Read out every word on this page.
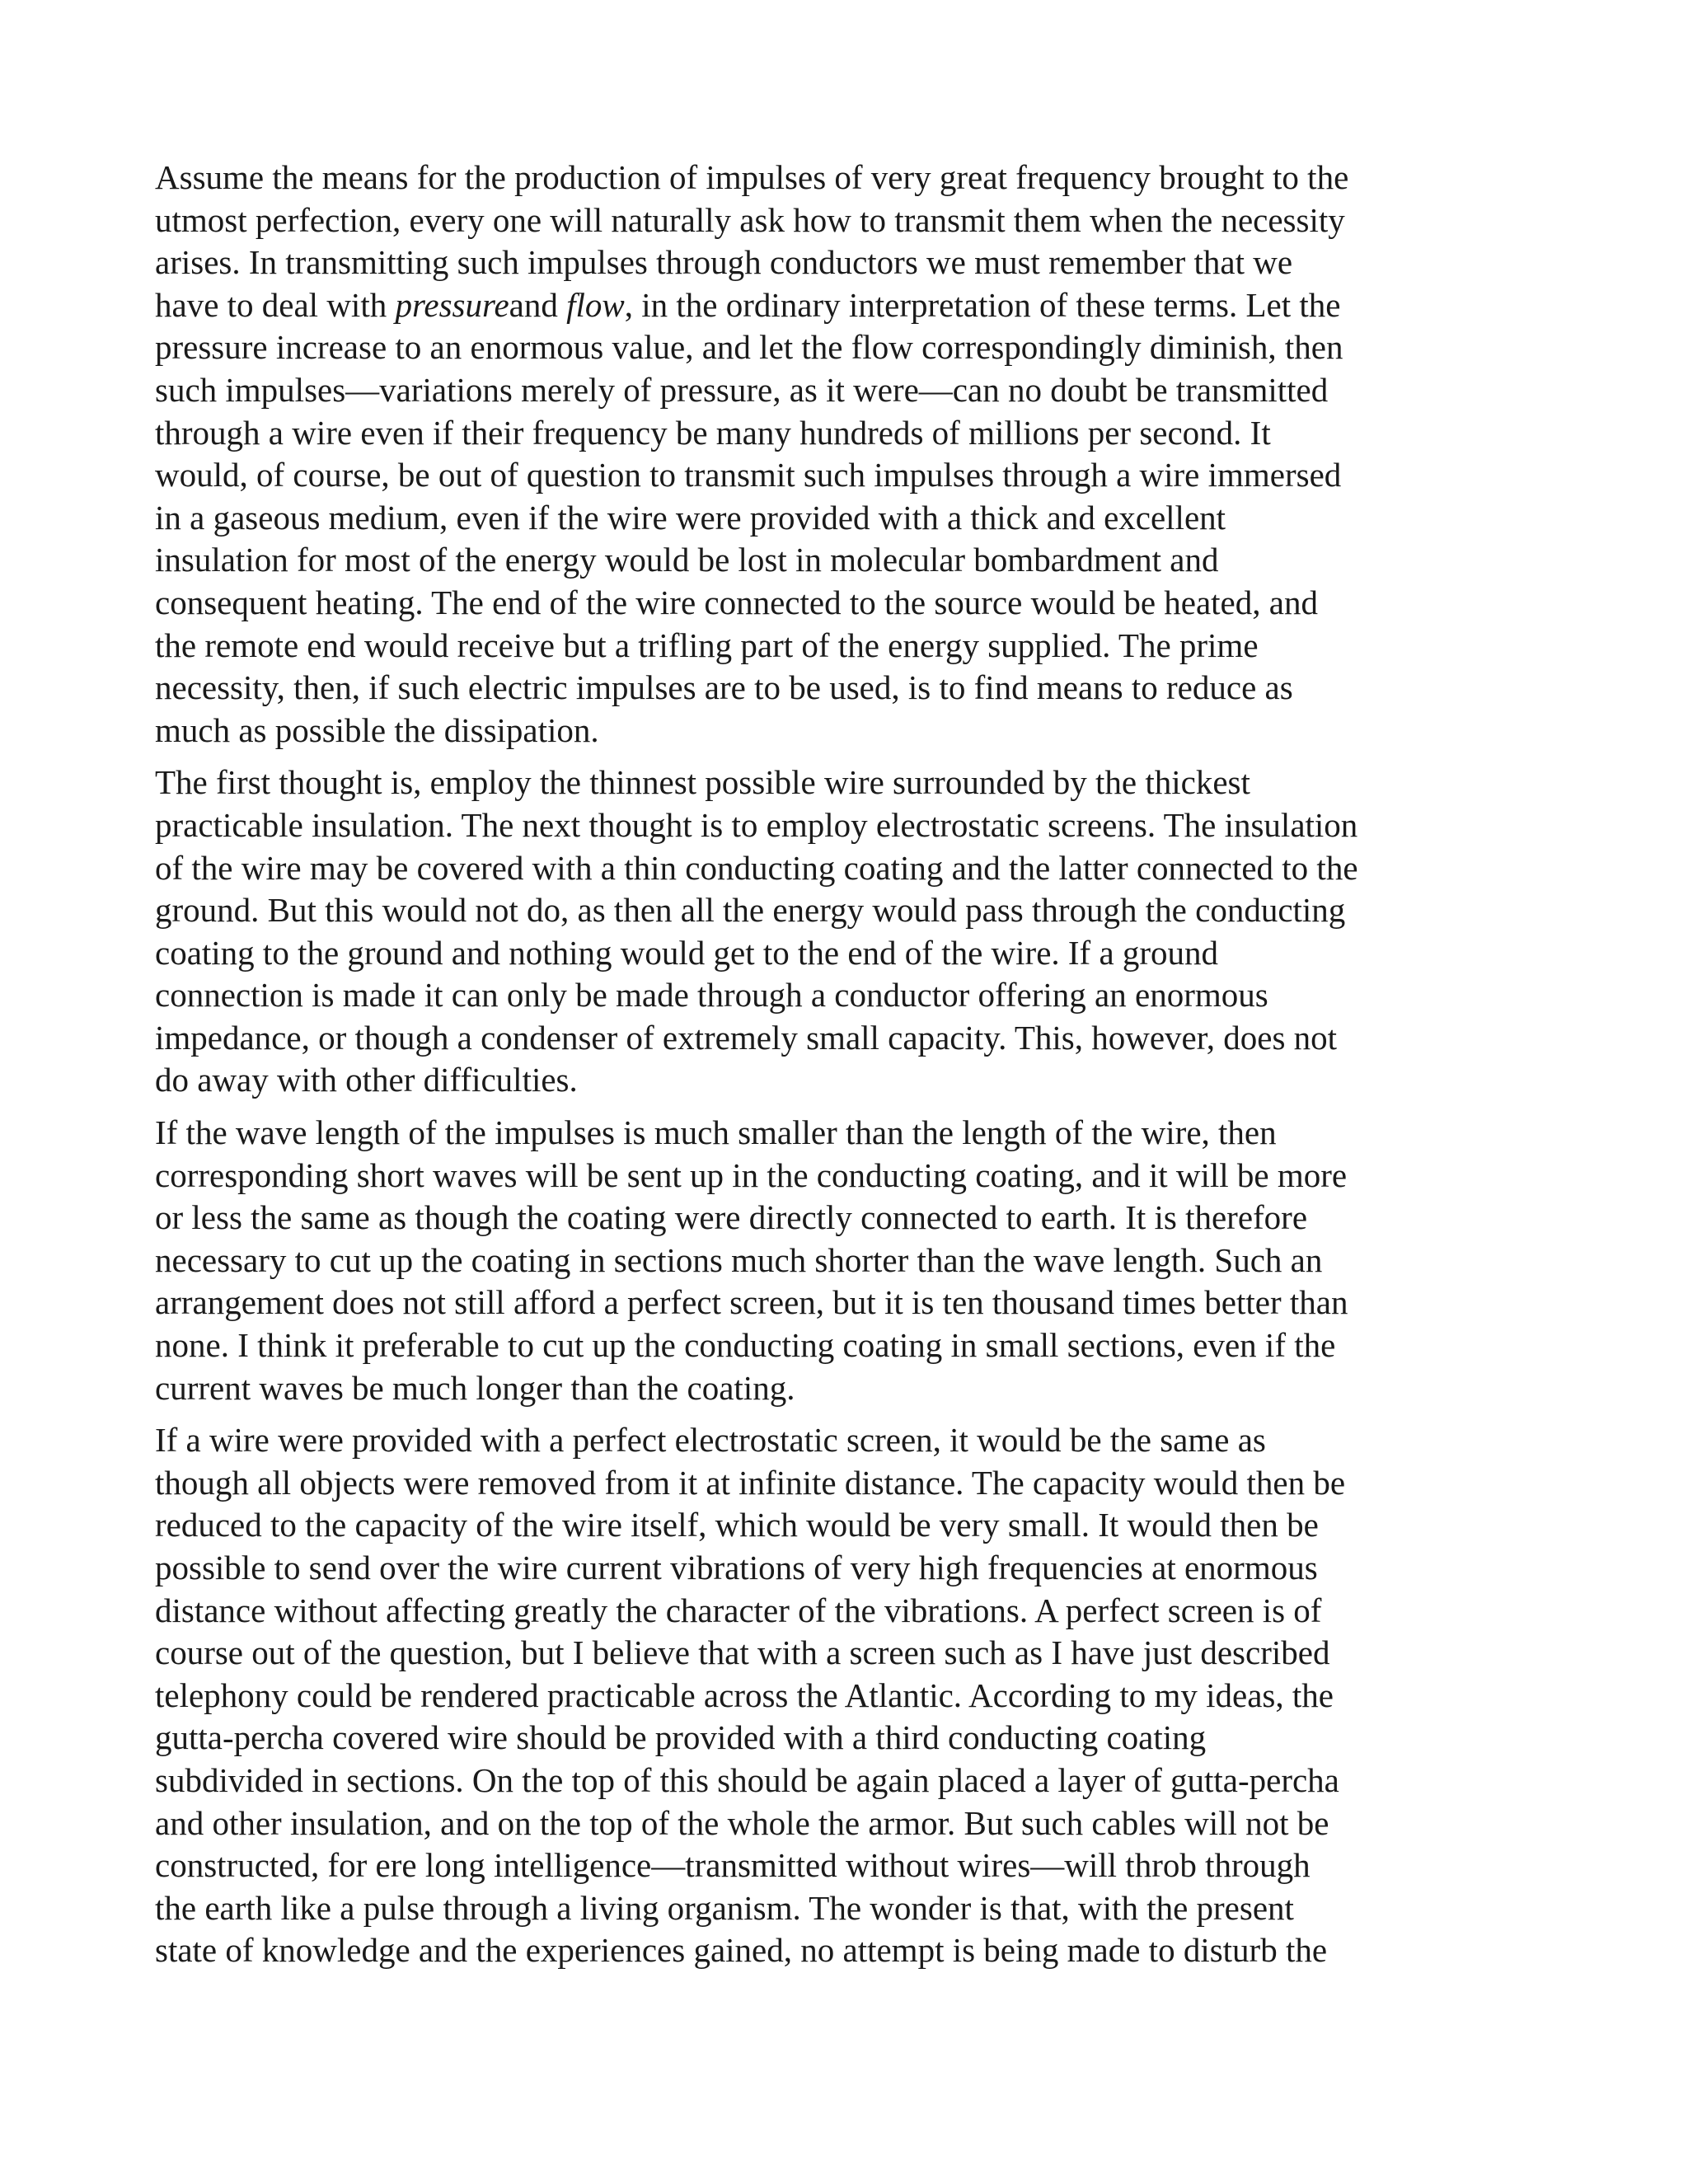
Assume the means for the production of impulses of very great frequency brought to the
utmost perfection, every one will naturally ask how to transmit them when the necessity
arises. In transmitting such impulses through conductors we must remember that we
have to deal with pressureand flow, in the ordinary interpretation of these terms. Let the
pressure increase to an enormous value, and let the flow correspondingly diminish, then
such impulses—variations merely of pressure, as it were—can no doubt be transmitted
through a wire even if their frequency be many hundreds of millions per second. It
would, of course, be out of question to transmit such impulses through a wire immersed
in a gaseous medium, even if the wire were provided with a thick and excellent
insulation for most of the energy would be lost in molecular bombardment and
consequent heating. The end of the wire connected to the source would be heated, and
the remote end would receive but a trifling part of the energy supplied. The prime
necessity, then, if such electric impulses are to be used, is to find means to reduce as
much as possible the dissipation.

The first thought is, employ the thinnest possible wire surrounded by the thickest
practicable insulation. The next thought is to employ electrostatic screens. The insulation
of the wire may be covered with a thin conducting coating and the latter connected to the
ground. But this would not do, as then all the energy would pass through the conducting
coating to the ground and nothing would get to the end of the wire. If a ground
connection is made it can only be made through a conductor offering an enormous
impedance, or though a condenser of extremely small capacity. This, however, does not
do away with other difficulties.

If the wave length of the impulses is much smaller than the length of the wire, then
corresponding short waves will be sent up in the conducting coating, and it will be more
or less the same as though the coating were directly connected to earth. It is therefore
necessary to cut up the coating in sections much shorter than the wave length. Such an
arrangement does not still afford a perfect screen, but it is ten thousand times better than
none. I think it preferable to cut up the conducting coating in small sections, even if the
current waves be much longer than the coating.

If a wire were provided with a perfect electrostatic screen, it would be the same as
though all objects were removed from it at infinite distance. The capacity would then be
reduced to the capacity of the wire itself, which would be very small. It would then be
possible to send over the wire current vibrations of very high frequencies at enormous
distance without affecting greatly the character of the vibrations. A perfect screen is of
course out of the question, but I believe that with a screen such as I have just described
telephony could be rendered practicable across the Atlantic. According to my ideas, the
gutta-percha covered wire should be provided with a third conducting coating
subdivided in sections. On the top of this should be again placed a layer of gutta-percha
and other insulation, and on the top of the whole the armor. But such cables will not be
constructed, for ere long intelligence—transmitted without wires—will throb through
the earth like a pulse through a living organism. The wonder is that, with the present
state of knowledge and the experiences gained, no attempt is being made to disturb the
